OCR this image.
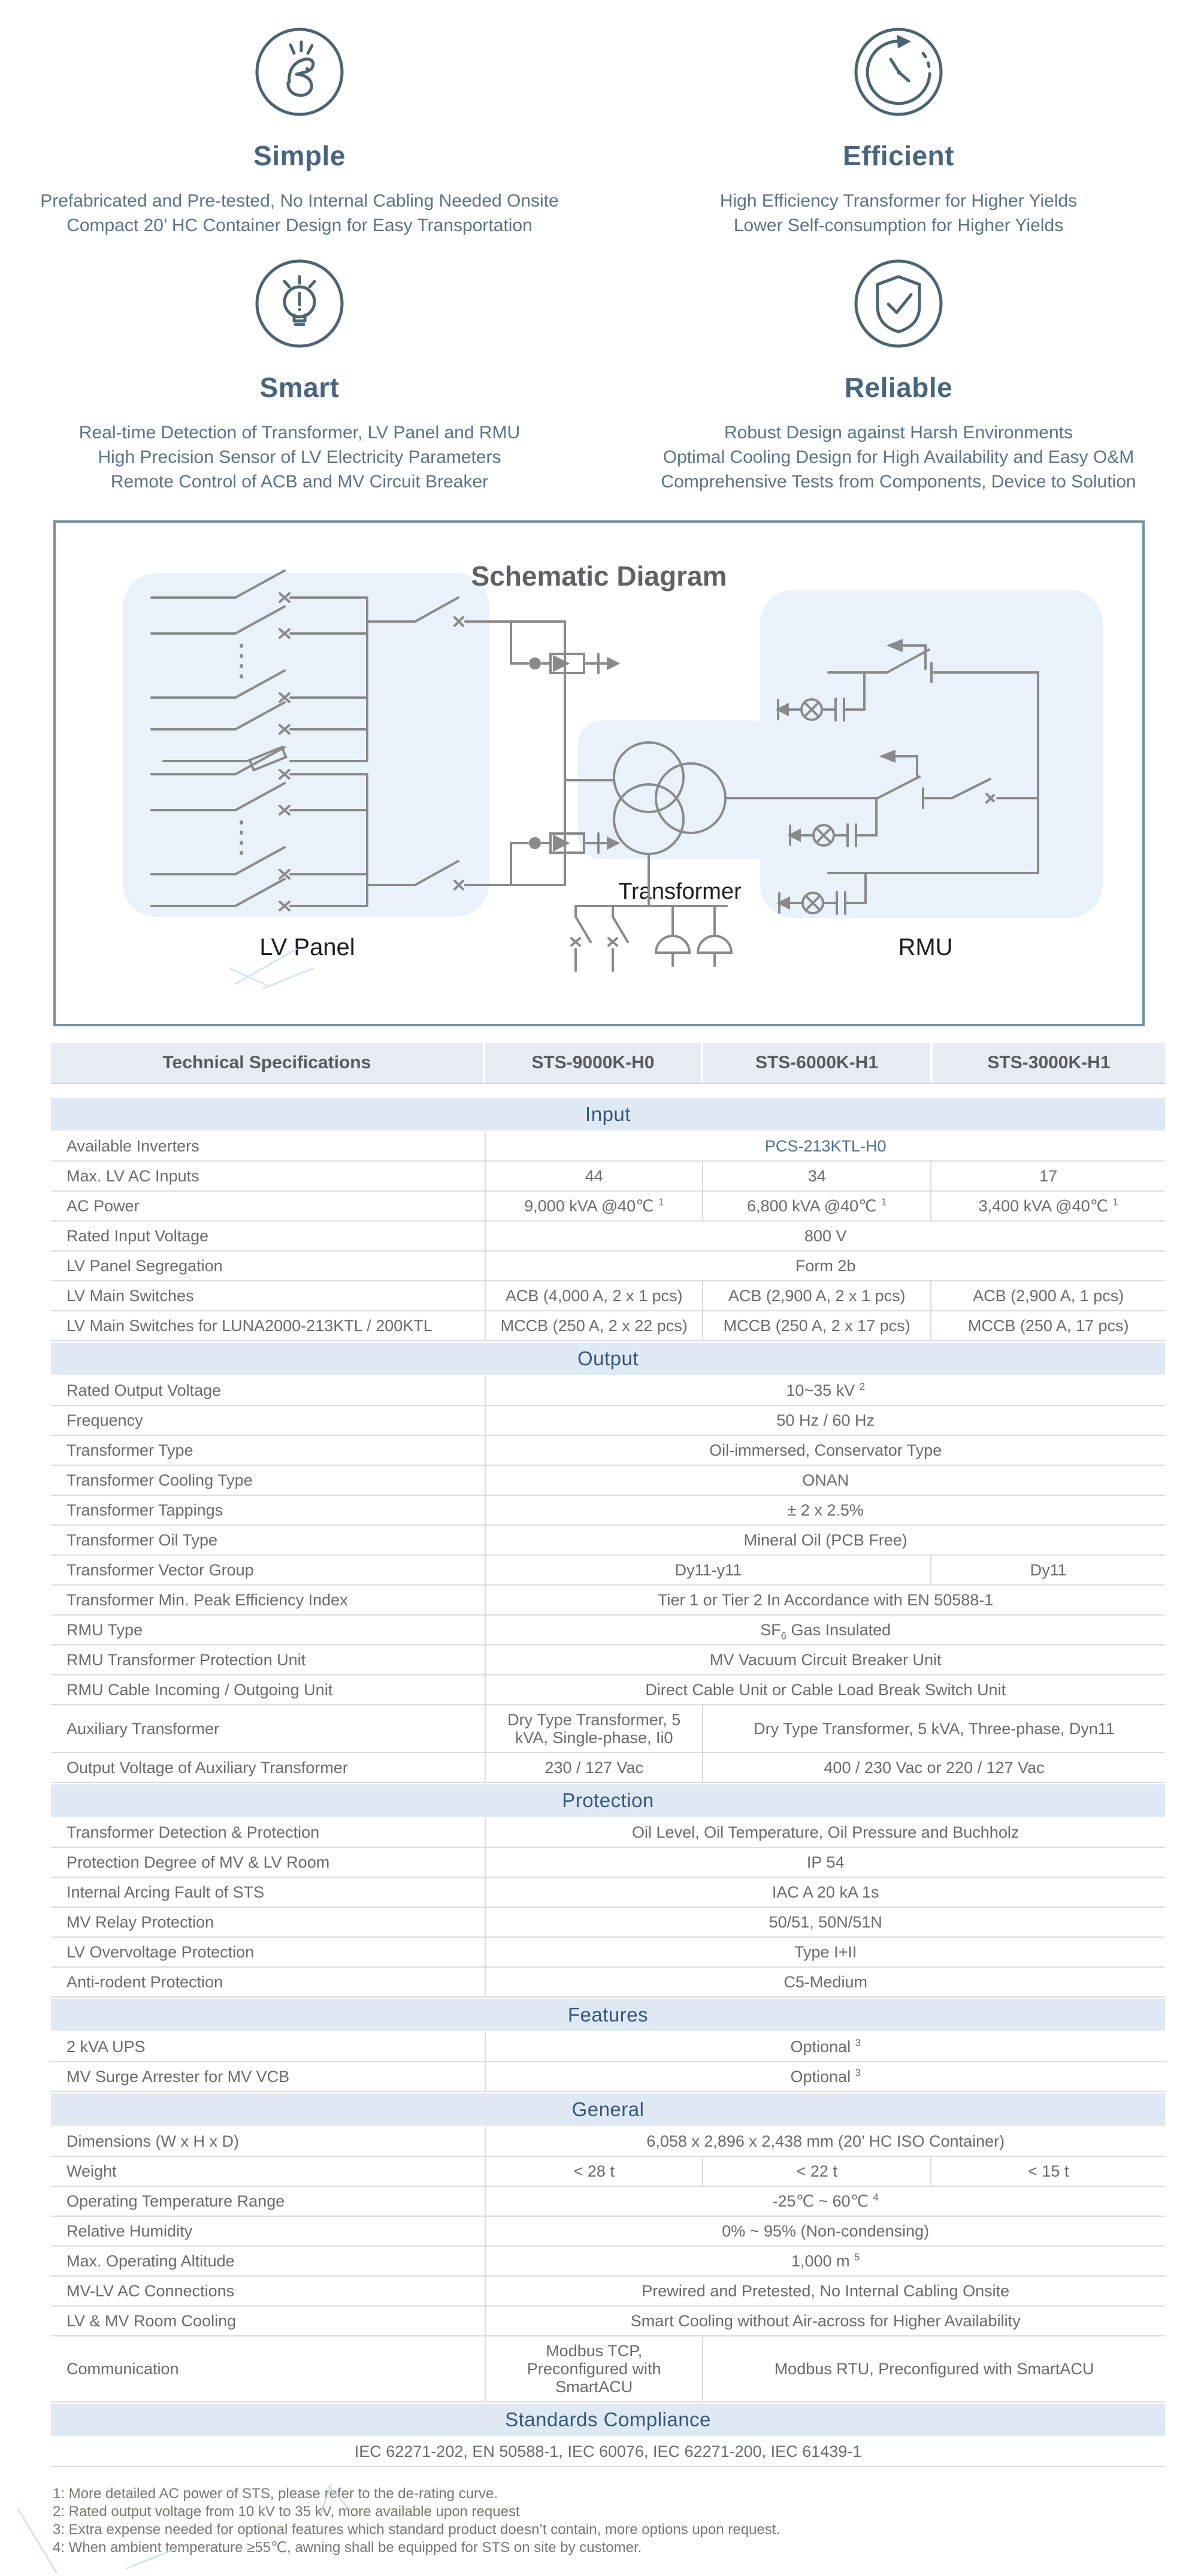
Simple
Prefabricated and Pre-tested, No Internal Cabling Needed Onsite
Compact 20’ HC Container Design for Easy Transportation
Efficient
High Efficiency Transformer for Higher Yields
Lower Self-consumption for Higher Yields
Smart
Real-time Detection of Transformer, LV Panel and RMU
High Precision Sensor of LV Electricity Parameters
Remote Control of ACB and MV Circuit Breaker
Reliable
Robust Design against Harsh Environments
Optimal Cooling Design for High Availability and Easy O&M
Comprehensive Tests from Components, Device to Solution
Schematic Diagram
LV Panel
Transformer
RMU
Technical Specifications	STS-9000K-H0	STS-6000K-H1	STS-3000K-H1
Input
Available Inverters	PCS-213KTL-H0		
Max. LV AC Inputs	44	34	17
AC Power	9,000 kVA @40℃ $^1$	6,800 kVA @40℃ $^1$	3,400 kVA @40℃ $^1$
Rated Input Voltage	800 V		
LV Panel Segregation	Form 2b		
LV Main Switches	ACB (4,000 A, 2 x 1 pcs)	ACB (2,900 A, 2 x 1 pcs)	ACB (2,900 A, 1 pcs)
LV Main Switches for LUNA2000-213KTL / 200KTL	MCCB (250 A, 2 x 22 pcs)	MCCB (250 A, 2 x 17 pcs)	MCCB (250 A, 17 pcs)
Output
Rated Output Voltage	10~35 kV $^2$
Frequency	50 Hz / 60 Hz		
Transformer Type	Oil-immersed, Conservator Type		
Transformer Cooling Type	ONAN		
Transformer Tappings	± 2 x 2.5%		
Transformer Oil Type	Mineral Oil (PCB Free)		
Transformer Vector Group	Dy11-y11		Dy11
Transformer Min. Peak Efficiency Index	Tier 1 or Tier 2 In Accordance with EN 50588-1		
RMU Type	$SF_6$ Gas Insulated		
RMU Transformer Protection Unit	MV Vacuum Circuit Breaker Unit		
RMU Cable Incoming / Outgoing Unit	Direct Cable Unit or Cable Load Break Switch Unit		
Auxiliary Transformer	Dry Type Transformer, 5 kVA, Single-phase, Ii0	Dry Type Transformer, 5 kVA, Three-phase, Dyn11	
Output Voltage of Auxiliary Transformer	230 / 127 Vac	400 / 230 Vac or 220 / 127 Vac	
Protection
Transformer Detection & Protection	Oil Level, Oil Temperature, Oil Pressure and Buchholz
Protection Degree of MV & LV Room	IP 54
Internal Arcing Fault of STS	IAC A 20 kA 1s
MV Relay Protection	50/51, 50N/51N
LV Overvoltage Protection	Type I+II
Anti-rodent Protection	C5-Medium
Features
2 kVA UPS	Optional $^3$
MV Surge Arrester for MV VCB	Optional $^3$
General
Dimensions (W x H x D)	6,058 x 2,896 x 2,438 mm (20’ HC ISO Container)		
Weight	< 28 t	< 22 t	< 15 t
Operating Temperature Range	-25℃ ~ 60℃ $^4$
Relative Humidity	0% ~ 95% (Non-condensing)		
Max. Operating Altitude	1,000 m $^5$
MV-LV AC Connections	Prewired and Pretested, No Internal Cabling Onsite		
LV & MV Room Cooling	Smart Cooling without Air-across for Higher Availability		
Communication	Modbus TCP, Preconfigured with SmartACU	Modbus RTU, Preconfigured with SmartACU	
Standards Compliance
IEC 62271-202, EN 50588-1, IEC 60076, IEC 62271-200, IEC 61439-1
1: More detailed AC power of STS, please refer to the de-rating curve.
2: Rated output voltage from 10 kV to 35 kV, more available upon request
3: Extra expense needed for optional features which standard product doesn’t contain, more options upon request.
4: When ambient temperature ≥55℃, awning shall be equipped for STS on site by customer.
